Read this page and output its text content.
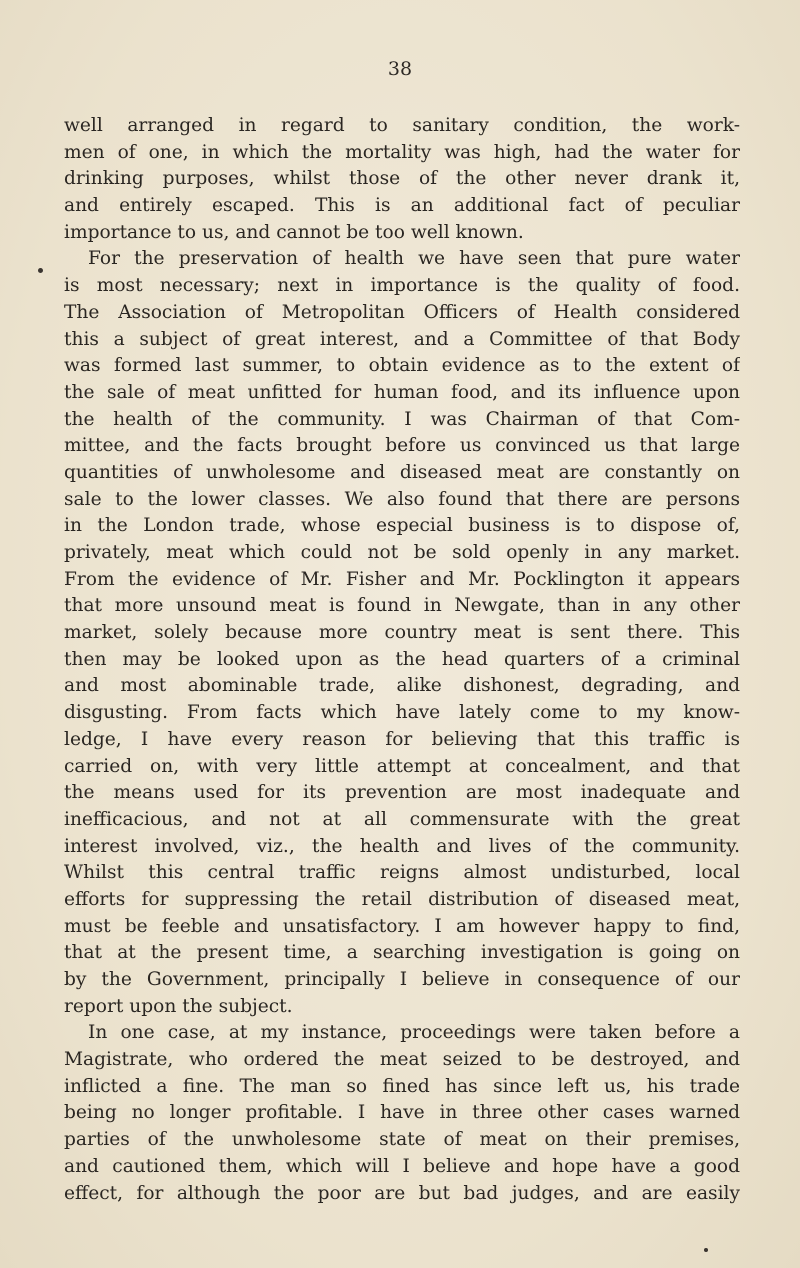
38
well arranged in regard to sanitary condition, the work-
men of one, in which the mortality was high, had the water for
drinking purposes, whilst those of the other never drank it,
and entirely escaped. This is an additional fact of peculiar
importance to us, and cannot be too well known.
For the preservation of health we have seen that pure water
is most necessary; next in importance is the quality of food.
The Association of Metropolitan Officers of Health considered
this a subject of great interest, and a Committee of that Body
was formed last summer, to obtain evidence as to the extent of
the sale of meat unfitted for human food, and its influence upon
the health of the community. I was Chairman of that Com-
mittee, and the facts brought before us convinced us that large
quantities of unwholesome and diseased meat are constantly on
sale to the lower classes. We also found that there are persons
in the London trade, whose especial business is to dispose of,
privately, meat which could not be sold openly in any market.
From the evidence of Mr. Fisher and Mr. Pocklington it appears
that more unsound meat is found in Newgate, than in any other
market, solely because more country meat is sent there. This
then may be looked upon as the head quarters of a criminal
and most abominable trade, alike dishonest, degrading, and
disgusting. From facts which have lately come to my know-
ledge, I have every reason for believing that this traffic is
carried on, with very little attempt at concealment, and that
the means used for its prevention are most inadequate and
inefficacious, and not at all commensurate with the great
interest involved, viz., the health and lives of the community.
Whilst this central traffic reigns almost undisturbed, local
efforts for suppressing the retail distribution of diseased meat,
must be feeble and unsatisfactory. I am however happy to find,
that at the present time, a searching investigation is going on
by the Government, principally I believe in consequence of our
report upon the subject.
In one case, at my instance, proceedings were taken before a
Magistrate, who ordered the meat seized to be destroyed, and
inflicted a fine. The man so fined has since left us, his trade
being no longer profitable. I have in three other cases warned
parties of the unwholesome state of meat on their premises,
and cautioned them, which will I believe and hope have a good
effect, for although the poor are but bad judges, and are easily
